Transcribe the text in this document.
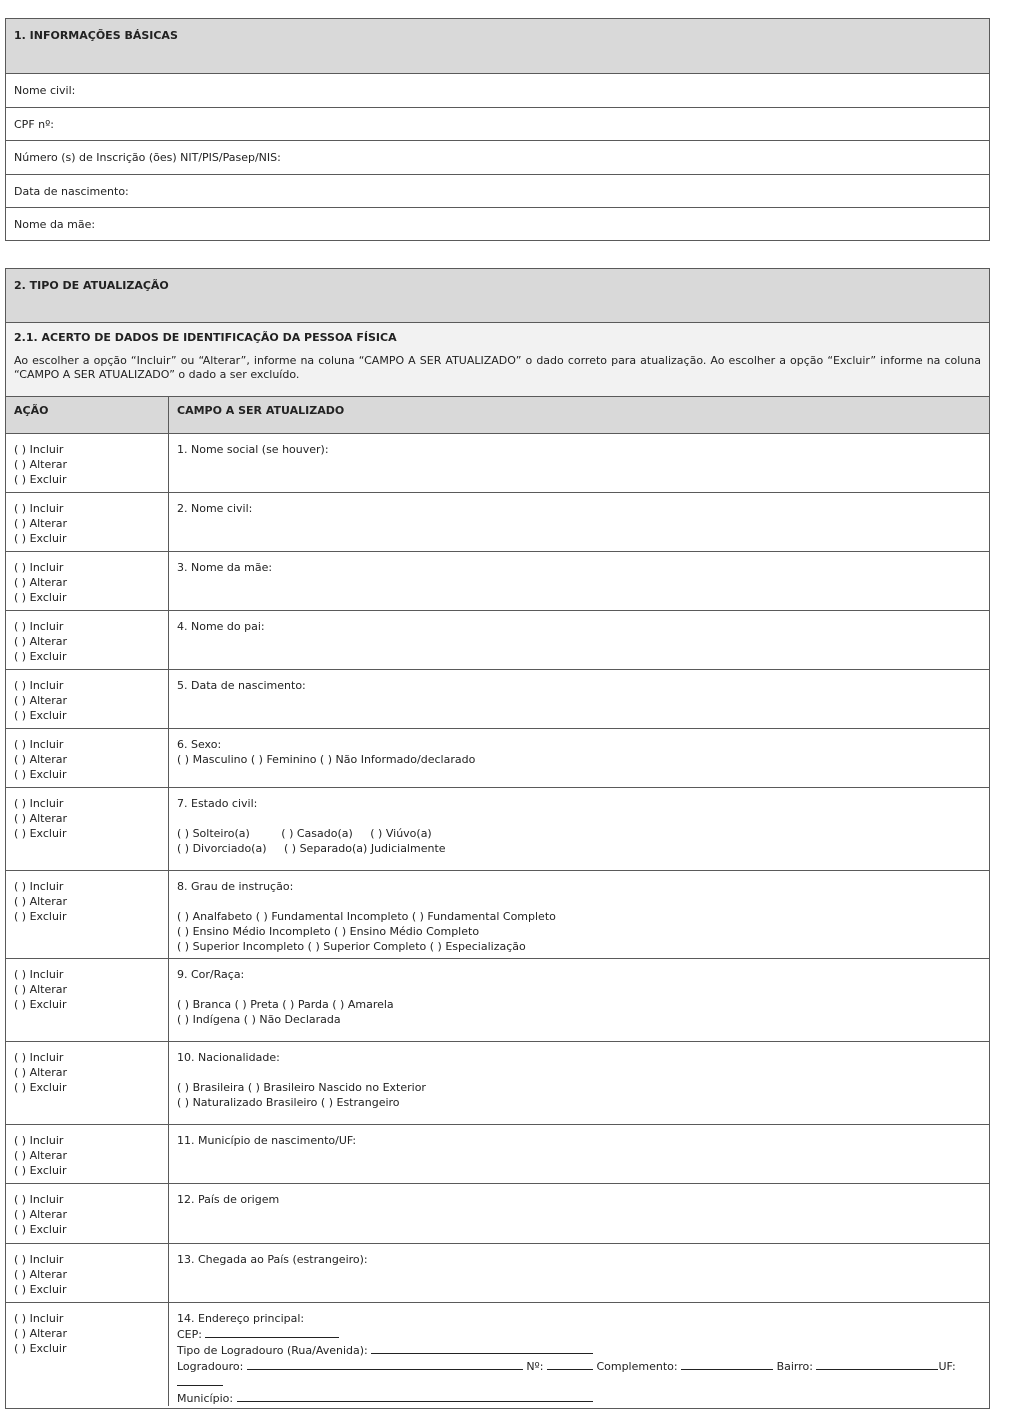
1. INFORMAÇÕES BÁSICAS
Nome civil:
CPF nº:
Número (s) de Inscrição (ões) NIT/PIS/Pasep/NIS:
Data de nascimento:
Nome da mãe:
2. TIPO DE ATUALIZAÇÃO
2.1. ACERTO DE DADOS DE IDENTIFICAÇÃO DA PESSOA FÍSICA
Ao escolher a opção “Incluir” ou “Alterar”, informe na coluna “CAMPO A SER ATUALIZADO” o dado correto para atualização. Ao escolher a opção “Excluir” informe na coluna “CAMPO A SER ATUALIZADO” o dado a ser excluído.
AÇÃO	CAMPO A SER ATUALIZADO
( ) Incluir
( ) Alterar
( ) Excluir
1. Nome social (se houver):
( ) Incluir
( ) Alterar
( ) Excluir
2. Nome civil:
( ) Incluir
( ) Alterar
( ) Excluir
3. Nome da mãe:
( ) Incluir
( ) Alterar
( ) Excluir
4. Nome do pai:
( ) Incluir
( ) Alterar
( ) Excluir
5. Data de nascimento:
( ) Incluir
( ) Alterar
( ) Excluir
6. Sexo:
( ) Masculino ( ) Feminino ( ) Não Informado/declarado
( ) Incluir
( ) Alterar
( ) Excluir
7. Estado civil:
( ) Solteiro(a)         ( ) Casado(a)     ( ) Viúvo(a)
( ) Divorciado(a)     ( ) Separado(a) Judicialmente
( ) Incluir
( ) Alterar
( ) Excluir
8. Grau de instrução:
( ) Analfabeto ( ) Fundamental Incompleto ( ) Fundamental Completo
( ) Ensino Médio Incompleto ( ) Ensino Médio Completo
( ) Superior Incompleto ( ) Superior Completo ( ) Especialização
( ) Incluir
( ) Alterar
( ) Excluir
9. Cor/Raça:
( ) Branca ( ) Preta ( ) Parda ( ) Amarela
( ) Indígena ( ) Não Declarada
( ) Incluir
( ) Alterar
( ) Excluir
10. Nacionalidade:
( ) Brasileira ( ) Brasileiro Nascido no Exterior
( ) Naturalizado Brasileiro ( ) Estrangeiro
( ) Incluir
( ) Alterar
( ) Excluir
11. Município de nascimento/UF:
( ) Incluir
( ) Alterar
( ) Excluir
12. País de origem
( ) Incluir
( ) Alterar
( ) Excluir
13. Chegada ao País (estrangeiro):
( ) Incluir
( ) Alterar
( ) Excluir
14. Endereço principal:
CEP:
Tipo de Logradouro (Rua/Avenida):
Logradouro:	Nº:	Complemento:	Bairro:	UF:
Município:
